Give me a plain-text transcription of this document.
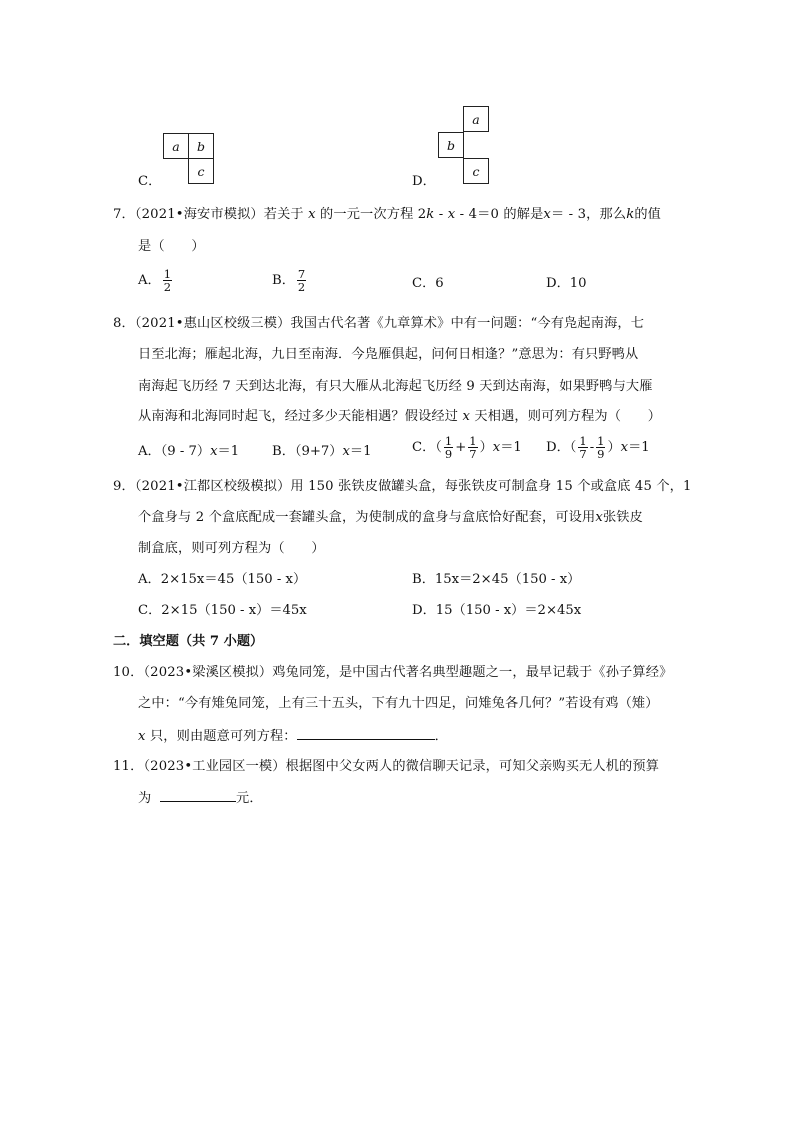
C．
a	b
c
D．
a
b
c
7．（2021•海安市模拟）若关于 x 的一元一次方程 2k - x - 4＝0 的解是x＝ - 3，那么k的值
是（　　）
A． $\frac{1}{2}$	B． $\frac{7}{2}$	C．6	D．10
8．（2021•惠山区校级三模）我国古代名著《九章算术》中有一问题：“今有凫起南海，七
日至北海；雁起北海，九日至南海．今凫雁俱起，问何日相逢？”意思为：有只野鸭从
南海起飞历经 7 天到达北海，有只大雁从北海起飞历经 9 天到达南海，如果野鸭与大雁
从南海和北海同时起飞，经过多少天能相遇？假设经过 x 天相遇，则可列方程为（　　）
A．（9 - 7）x＝1 B．（9+7）x＝1	C．（ $\frac{1}{9} + \frac{1}{7} )x=1$ D．（ $\frac{1}{7} - \frac{1}{9} )x=1$
9．（2021•江都区校级模拟）用 150 张铁皮做罐头盒，每张铁皮可制盒身 15 个或盒底 45 个，1
个盒身与 2 个盒底配成一套罐头盒，为使制成的盒身与盒底恰好配套，可设用x张铁皮
制盒底，则可列方程为（　　）
A．2×15x＝45（150 - x）	B．15x＝2×45（150 - x）
C．2×15（150 - x）＝45x	D．15（150 - x）＝2×45x
二．填空题（共 7 小题）
10．（2023•梁溪区模拟）鸡兔同笼，是中国古代著名典型趣题之一，最早记载于《孙子算经》
之中：“今有雉兔同笼，上有三十五头，下有九十四足，问雉兔各几何？”若设有鸡（雉）
x 只，则由题意可列方程：	．
11．（2023•工业园区一模）根据图中父女两人的微信聊天记录，可知父亲购买无人机的预算
为	元．
